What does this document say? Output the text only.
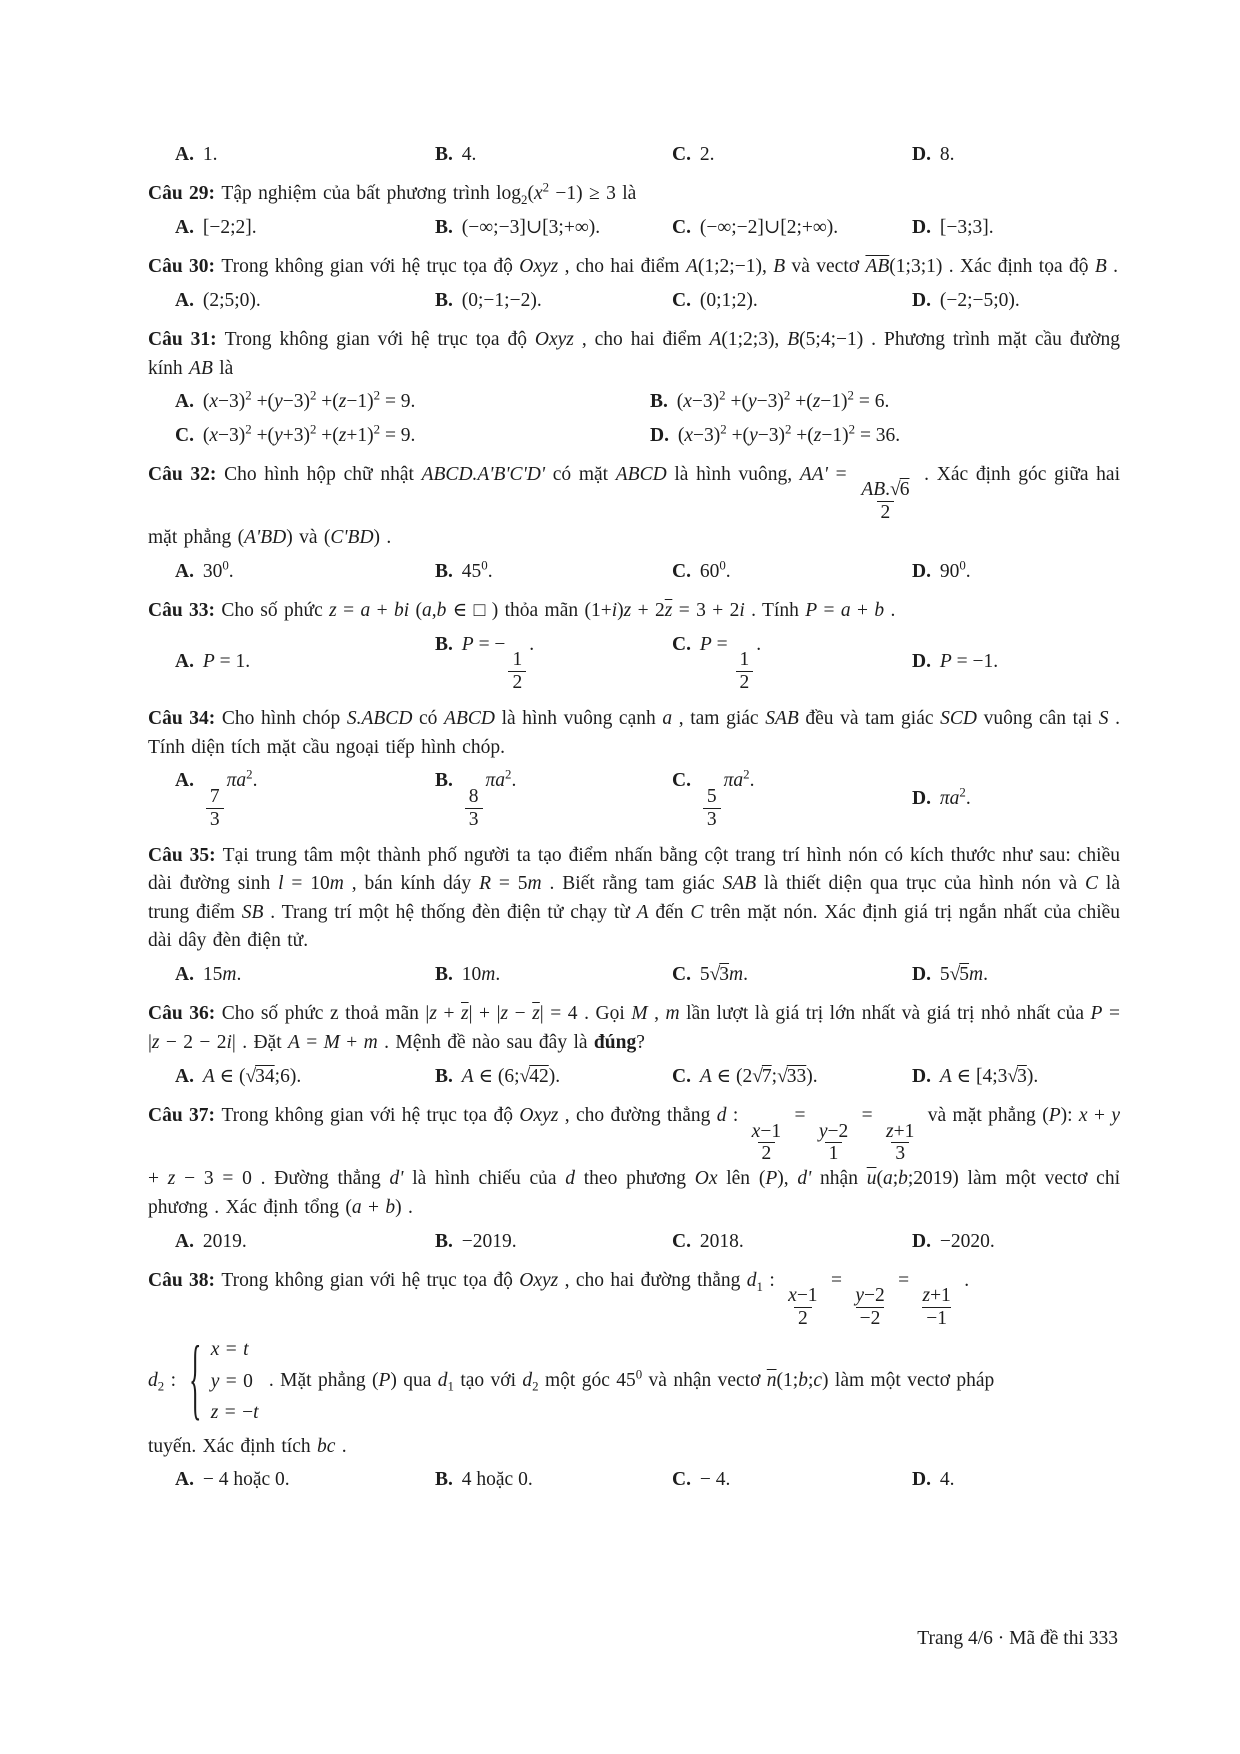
A. 1.	B. 4.	C. 2.	D. 8.

Câu 29: Tập nghiệm của bất phương trình $\log_2(x^2 -1) \ge 3$ là

A. [−2;2].	B. (−∞;−3]∪[3;+∞).	C. (−∞;−2]∪[2;+∞).	D. [−3;3].

Câu 30: Trong không gian với hệ trục tọa độ Oxyz , cho hai điểm A(1;2;−1), B và vectơ $\overline{AB}(1;3;1)$ . Xác định tọa độ B .

A. (2;5;0).	B. (0;−1;−2).	C. (0;1;2).	D. (−2;−5;0).

Câu 31: Trong không gian với hệ trục tọa độ Oxyz , cho hai điểm A(1;2;3), B(5;4;−1) . Phương trình mặt cầu đường kính AB là

A. $(x-3)^2 +(y-3)^2 +(z-1)^2 = 9$.	B. $(x-3)^2 +(y-3)^2 +(z-1)^2 = 6$.
C. $(x-3)^2 +(y+3)^2 +(z+1)^2 = 9$.	D. $(x-3)^2 +(y-3)^2 +(z-1)^2 = 36$.

Câu 32: Cho hình hộp chữ nhật ABCD.A'B'C'D' có mặt ABCD là hình vuông, AA' =
$\frac{AB.√6}{2}$
. Xác định góc giữa hai mặt phẳng (A'BD) và (C'BD) .

A. $30^0$.	B. $45^0$.	C. $60^0$.	D. $90^0$.

Câu 33: Cho số phức z = a + bi (a,b ∈ □ ) thỏa mãn $(1+i)z + 2\overline{z} = 3 + 2i$ . Tính P = a + b .

A. P = 1.
B. P = −
$\frac{1}{2}$
.	C. P =
$\frac{1}{2}$
.
D. P = −1.

Câu 34: Cho hình chóp S.ABCD có ABCD là hình vuông cạnh a , tam giác SAB đều và tam giác SCD vuông cân tại S . Tính diện tích mặt cầu ngoại tiếp hình chóp.

A.
$\frac{7}{3}$
$\pi a^2$.	B.
$\frac{8}{3}$
$\pi a^2$.	C.
$\frac{5}{3}$
$\pi a^2$.
D. $\pi a^2$.

Câu 35: Tại trung tâm một thành phố người ta tạo điểm nhấn bằng cột trang trí hình nón có kích thước như sau: chiều dài đường sinh l = 10m , bán kính dáy R = 5m . Biết rằng tam giác SAB là thiết diện qua trục của hình nón và C là trung điểm SB . Trang trí một hệ thống đèn điện tử chạy từ A đến C trên mặt nón. Xác định giá trị ngắn nhất của chiều dài dây đèn điện tử.

A. 15m.	B. 10m.	C. 5√3m.	D. 5√5m.

Câu 36: Cho số phức z thoả mãn $|z + \overline{z}| + |z - \overline{z}| = 4$ . Gọi M , m lần lượt là giá trị lớn nhất và giá trị nhỏ nhất của P = |z − 2 − 2i| . Đặt A = M + m . Mệnh đề nào sau đây là đúng?

A. A ∈ (√34;6).	B. A ∈ (6;√42).	C. A ∈ (2√7;√33).	D. A ∈ [4;3√3).

Câu 37: Trong không gian với hệ trục tọa độ Oxyz , cho đường thẳng d :
$\frac{x-1}{2}$
=
$\frac{y-2}{1}$
=
$\frac{z+1}{3}$
và mặt phẳng (P): x + y + z − 3 = 0 . Đường thẳng d' là hình chiếu của d theo phương Ox lên (P), d' nhận $\overline{u}(a;b;2019)$ làm một vectơ chỉ phương . Xác định tổng (a + b) .

A. 2019.	B. −2019.	C. 2018.	D. −2020.

Câu 38: Trong không gian với hệ trục tọa độ Oxyz , cho hai đường thẳng $d_1$ :
$\frac{x-1}{2}$
=
$\frac{y-2}{-2}$
=
$\frac{z+1}{-1}$
.

$d_2$ : { x = t
y = 0
z = −t
. Mặt phẳng (P) qua $d_1$ tạo với $d_2$ một góc $45^0$ và nhận vectơ $\overline{n}(1;b;c)$ làm một vectơ pháp
tuyến. Xác định tích bc .
A. − 4 hoặc 0.	B. 4 hoặc 0.	C. − 4.	D. 4.
Trang 4/6 · Mã đề thi 333
